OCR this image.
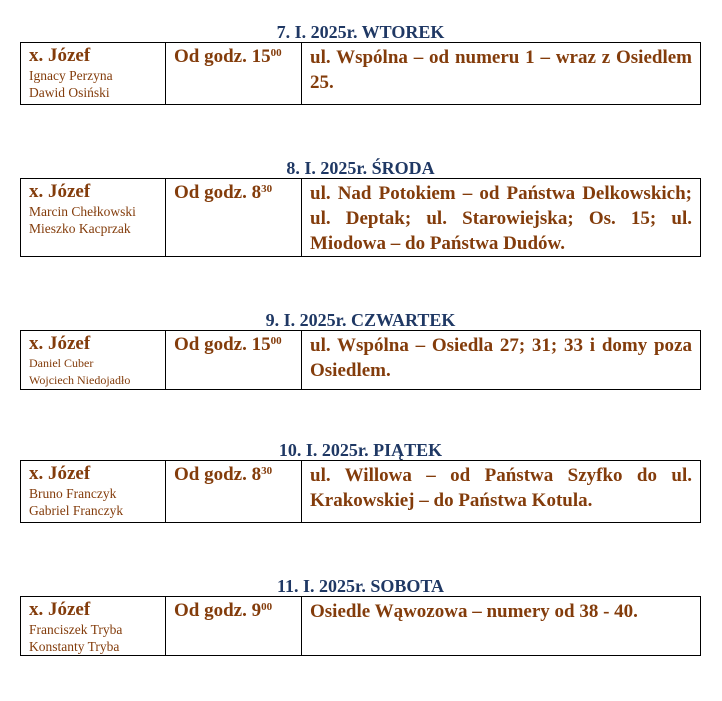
7. I. 2025r. WTOREK
x. Józef
Ignacy Perzyna
Dawid Osiński
	Od godz. $15^{00}$	ul. Wspólna – od numeru 1 – wraz z Osiedlem 25.
8. I. 2025r. ŚRODA
x. Józef
Marcin Chełkowski
Mieszko Kacprzak
	Od godz. $8^{30}$	ul. Nad Potokiem – od Państwa Delkowskich; ul. Deptak; ul. Starowiejska; Os. 15; ul. Miodowa – do Państwa Dudów.
9. I. 2025r. CZWARTEK
x. Józef
Daniel Cuber
Wojciech Niedojadło
	Od godz. $15^{00}$	ul. Wspólna – Osiedla 27; 31; 33 i domy poza Osiedlem.
10. I. 2025r. PIĄTEK
x. Józef
Bruno Franczyk
Gabriel Franczyk
	Od godz. $8^{30}$	ul. Willowa – od Państwa Szyfko do ul. Krakowskiej – do Państwa Kotula.
11. I. 2025r. SOBOTA
x. Józef
Franciszek Tryba
Konstanty Tryba
	Od godz. $9^{00}$	Osiedle Wąwozowa – numery od 38 - 40.
